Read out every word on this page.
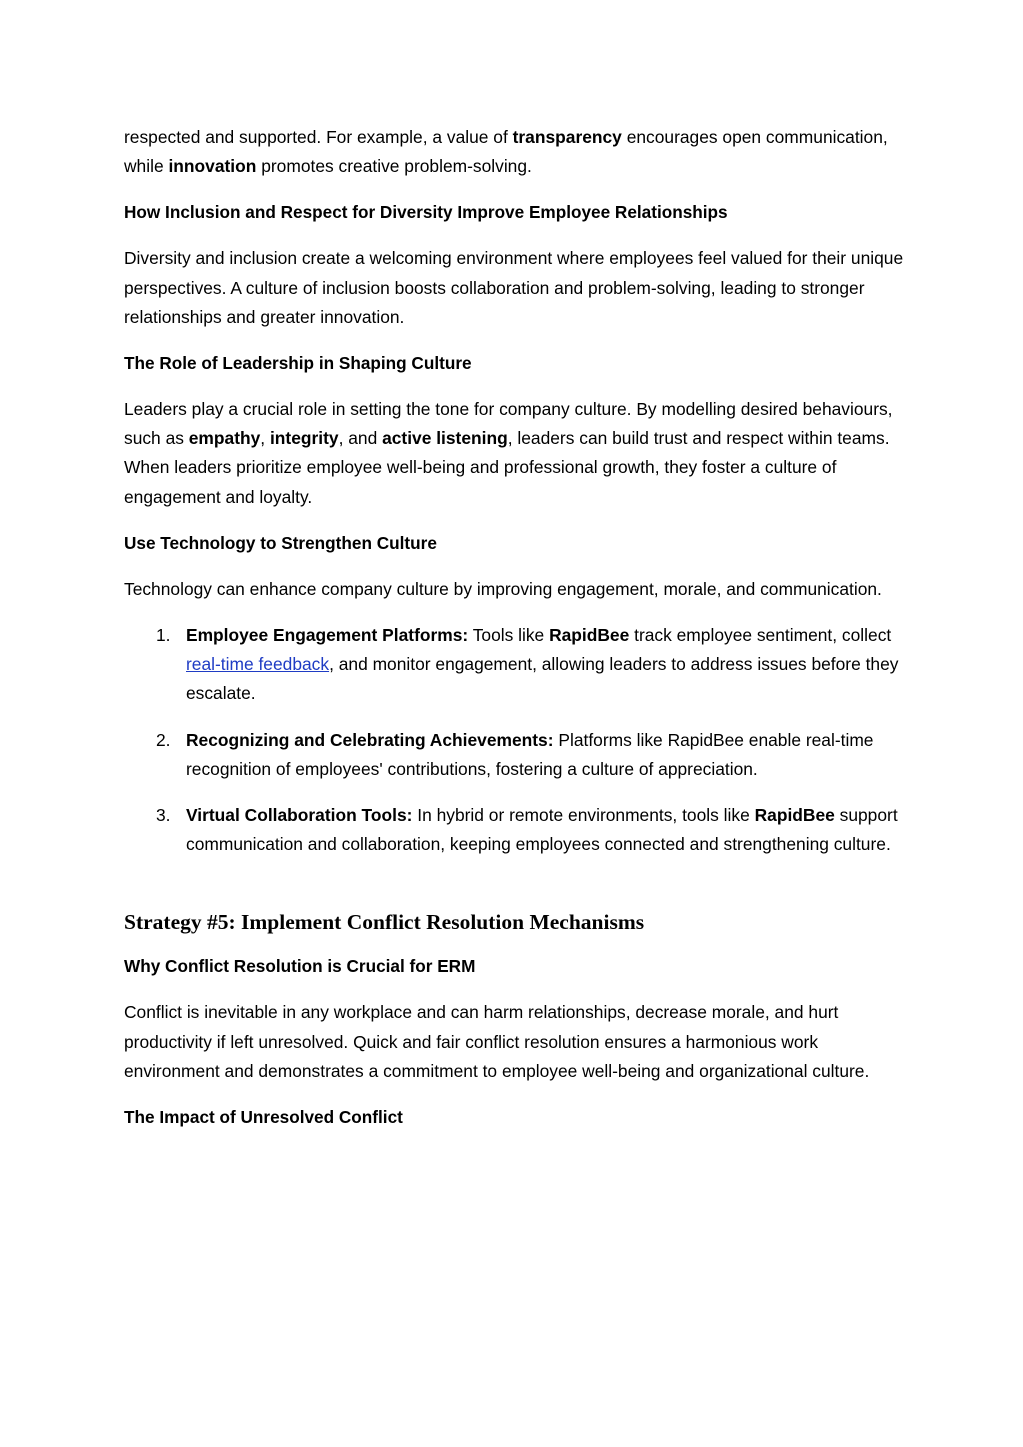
respected and supported. For example, a value of transparency encourages open communication, while innovation promotes creative problem-solving.

How Inclusion and Respect for Diversity Improve Employee Relationships

Diversity and inclusion create a welcoming environment where employees feel valued for their unique perspectives. A culture of inclusion boosts collaboration and problem-solving, leading to stronger relationships and greater innovation.

The Role of Leadership in Shaping Culture

Leaders play a crucial role in setting the tone for company culture. By modelling desired behaviours, such as empathy, integrity, and active listening, leaders can build trust and respect within teams. When leaders prioritize employee well-being and professional growth, they foster a culture of engagement and loyalty.

Use Technology to Strengthen Culture

Technology can enhance company culture by improving engagement, morale, and communication.

1. Employee Engagement Platforms: Tools like RapidBee track employee sentiment, collect real-time feedback, and monitor engagement, allowing leaders to address issues before they escalate.
2. Recognizing and Celebrating Achievements: Platforms like RapidBee enable real-time recognition of employees' contributions, fostering a culture of appreciation.
3. Virtual Collaboration Tools: In hybrid or remote environments, tools like RapidBee support communication and collaboration, keeping employees connected and strengthening culture.
Strategy #5: Implement Conflict Resolution Mechanisms
Why Conflict Resolution is Crucial for ERM

Conflict is inevitable in any workplace and can harm relationships, decrease morale, and hurt productivity if left unresolved. Quick and fair conflict resolution ensures a harmonious work environment and demonstrates a commitment to employee well-being and organizational culture.

The Impact of Unresolved Conflict
